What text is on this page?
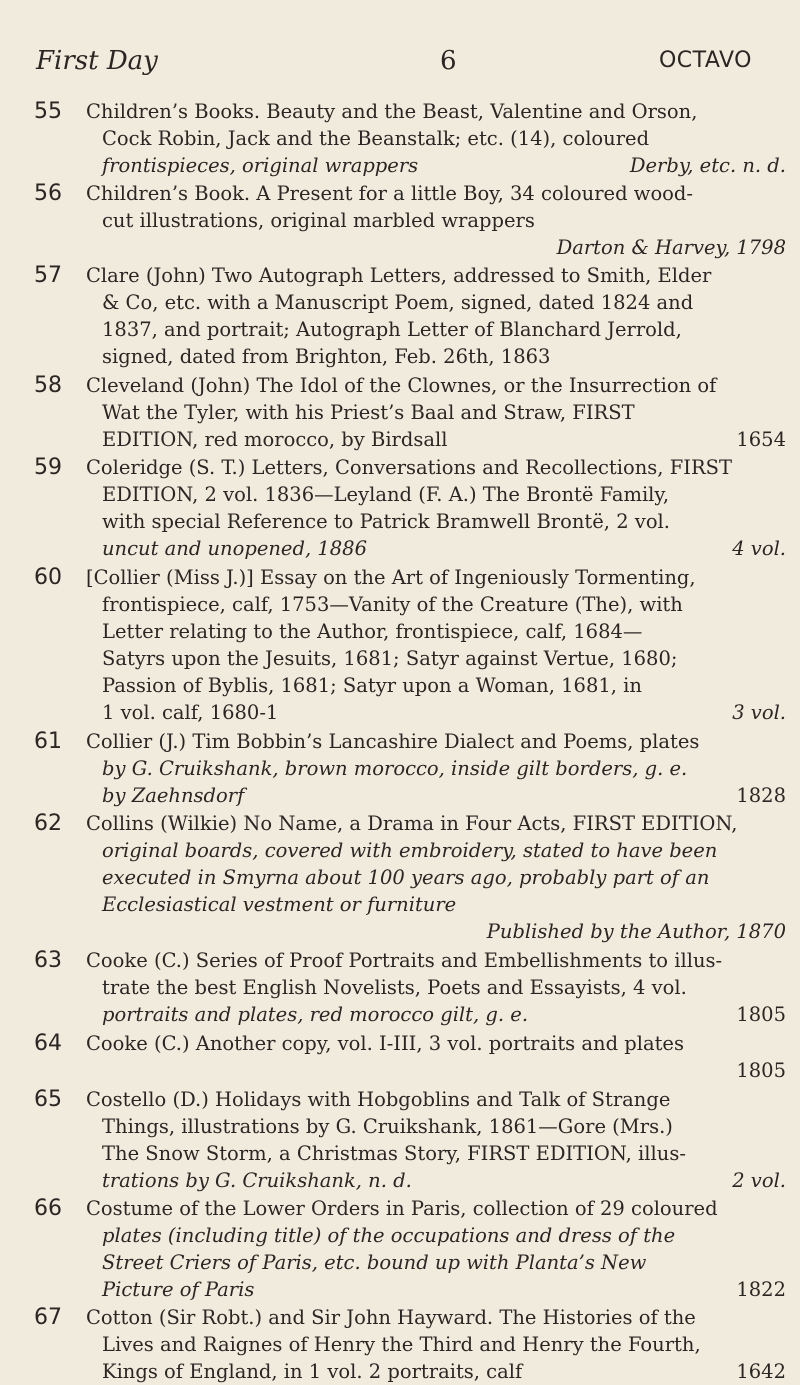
First Day	6	OCTAVO
55	Children’s Books. Beauty and the Beast, Valentine and Orson,
Cock Robin, Jack and the Beanstalk; etc. (14), coloured
frontispieces, original wrappers	Derby, etc. n. d.
56	Children’s Book. A Present for a little Boy, 34 coloured wood-
cut illustrations, original marbled wrappers
Darton & Harvey, 1798
57	Clare (John) Two Autograph Letters, addressed to Smith, Elder
& Co, etc. with a Manuscript Poem, signed, dated 1824 and
1837, and portrait; Autograph Letter of Blanchard Jerrold,
signed, dated from Brighton, Feb. 26th, 1863
58	Cleveland (John) The Idol of the Clownes, or the Insurrection of
Wat the Tyler, with his Priest’s Baal and Straw, FIRST
EDITION, red morocco, by Birdsall	1654
59	Coleridge (S. T.) Letters, Conversations and Recollections, FIRST
EDITION, 2 vol. 1836—Leyland (F. A.) The Brontë Family,
with special Reference to Patrick Bramwell Brontë, 2 vol.
uncut and unopened, 1886	4 vol.
60	[Collier (Miss J.)] Essay on the Art of Ingeniously Tormenting,
frontispiece, calf, 1753—Vanity of the Creature (The), with
Letter relating to the Author, frontispiece, calf, 1684—
Satyrs upon the Jesuits, 1681; Satyr against Vertue, 1680;
Passion of Byblis, 1681; Satyr upon a Woman, 1681, in
1 vol. calf, 1680-1	3 vol.
61	Collier (J.) Tim Bobbin’s Lancashire Dialect and Poems, plates
by G. Cruikshank, brown morocco, inside gilt borders, g. e.
by Zaehnsdorf	1828
62	Collins (Wilkie) No Name, a Drama in Four Acts, FIRST EDITION,
original boards, covered with embroidery, stated to have been
executed in Smyrna about 100 years ago, probably part of an
Ecclesiastical vestment or furniture
Published by the Author, 1870
63	Cooke (C.) Series of Proof Portraits and Embellishments to illus-
trate the best English Novelists, Poets and Essayists, 4 vol.
portraits and plates, red morocco gilt, g. e.	1805
64	Cooke (C.) Another copy, vol. I-III, 3 vol. portraits and plates
1805
65	Costello (D.) Holidays with Hobgoblins and Talk of Strange
Things, illustrations by G. Cruikshank, 1861—Gore (Mrs.)
The Snow Storm, a Christmas Story, FIRST EDITION, illus-
trations by G. Cruikshank, n. d.	2 vol.
66	Costume of the Lower Orders in Paris, collection of 29 coloured
plates (including title) of the occupations and dress of the
Street Criers of Paris, etc. bound up with Planta’s New
Picture of Paris	1822
67	Cotton (Sir Robt.) and Sir John Hayward. The Histories of the
Lives and Raignes of Henry the Third and Henry the Fourth,
Kings of England, in 1 vol. 2 portraits, calf	1642
